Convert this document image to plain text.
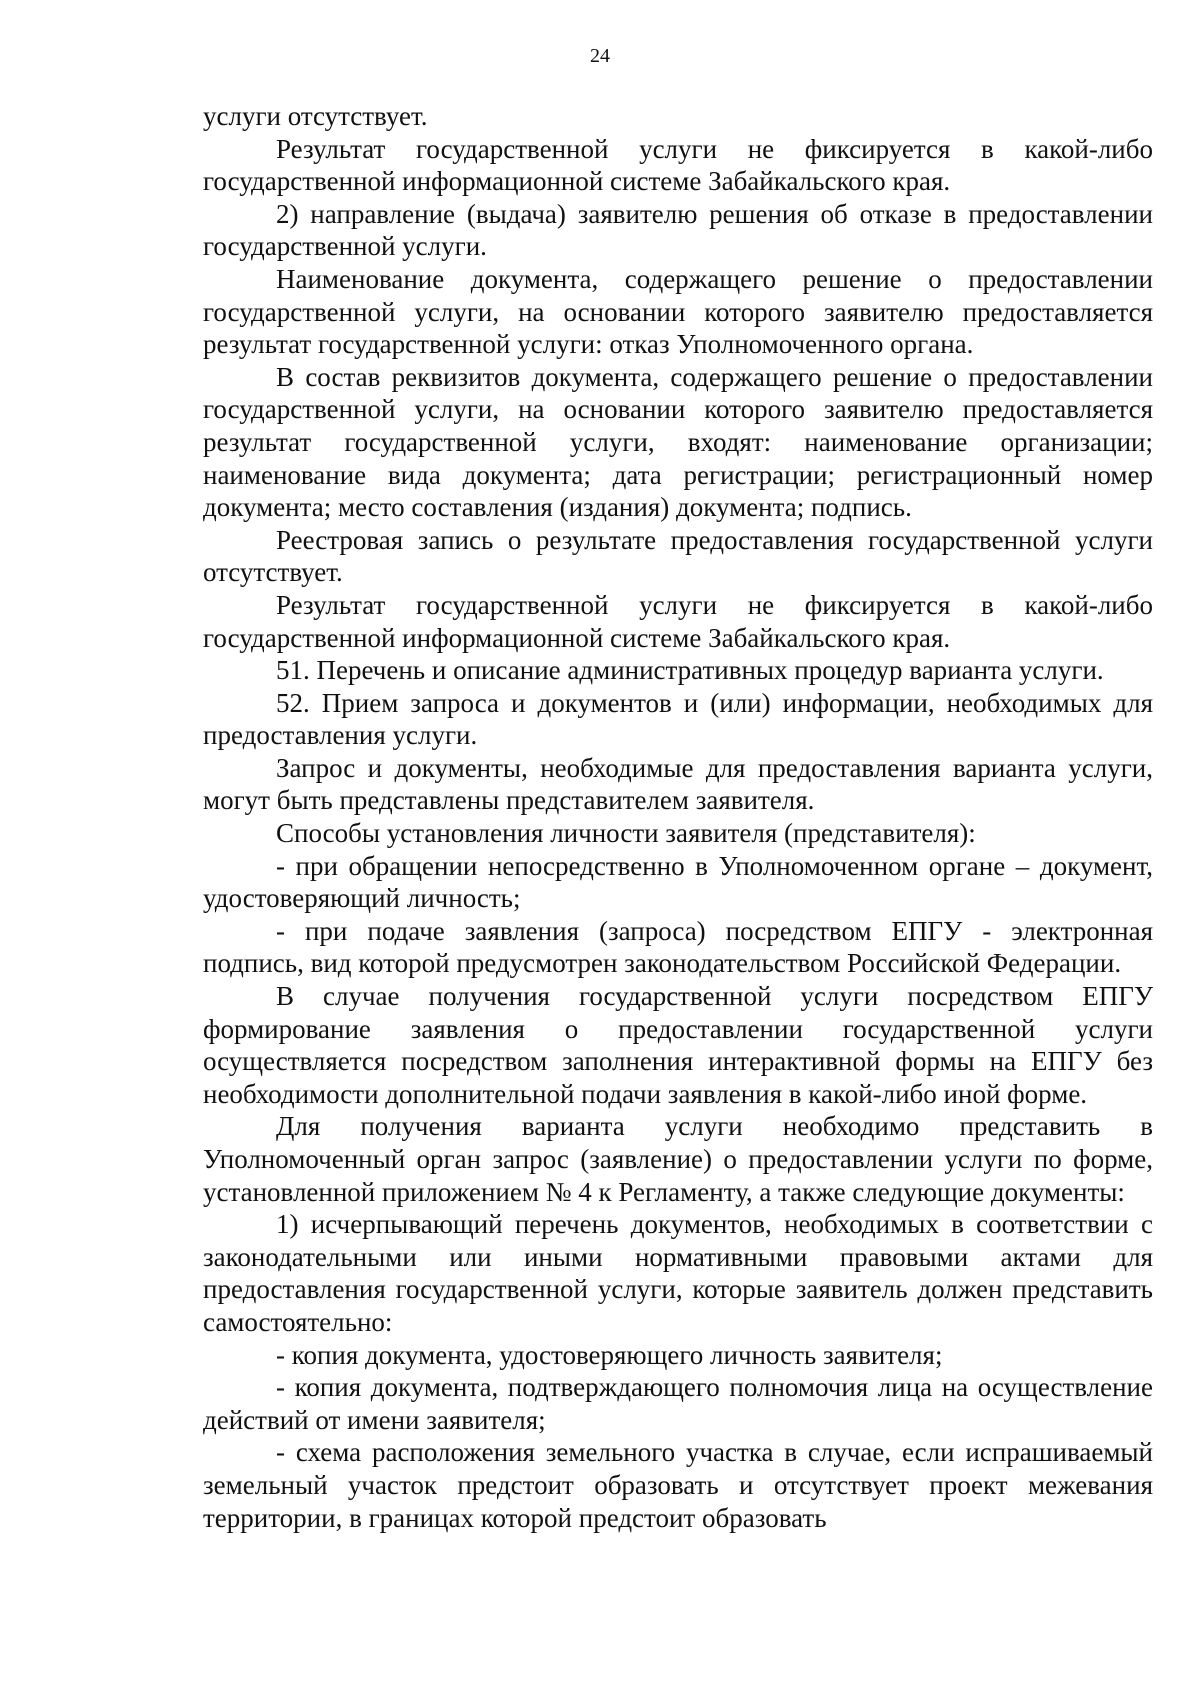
24

услуги отсутствует.

Результат государственной услуги не фиксируется в какой-либо государственной информационной системе Забайкальского края.

2) направление (выдача) заявителю решения об отказе в предоставлении государственной услуги.

Наименование документа, содержащего решение о предоставлении государственной услуги, на основании которого заявителю предоставляется результат государственной услуги: отказ Уполномоченного органа.

В состав реквизитов документа, содержащего решение о предоставлении государственной услуги, на основании которого заявителю предоставляется результат государственной услуги, входят: наименование организации; наименование вида документа; дата регистрации; регистрационный номер документа; место составления (издания) документа; подпись.

Реестровая запись о результате предоставления государственной услуги отсутствует.

Результат государственной услуги не фиксируется в какой-либо государственной информационной системе Забайкальского края.

51. Перечень и описание административных процедур варианта услуги.

52. Прием запроса и документов и (или) информации, необходимых для предоставления услуги.

Запрос и документы, необходимые для предоставления варианта услуги, могут быть представлены представителем заявителя.

Способы установления личности заявителя (представителя):

- при обращении непосредственно в Уполномоченном органе – документ, удостоверяющий личность;

- при подаче заявления (запроса) посредством ЕПГУ - электронная подпись, вид которой предусмотрен законодательством Российской Федерации.

В случае получения государственной услуги посредством ЕПГУ формирование заявления о предоставлении государственной услуги осуществляется посредством заполнения интерактивной формы на ЕПГУ без необходимости дополнительной подачи заявления в какой-либо иной форме.

Для получения варианта услуги необходимо представить в Уполномоченный орган запрос (заявление) о предоставлении услуги по форме, установленной приложением № 4 к Регламенту, а также следующие документы:

1) исчерпывающий перечень документов, необходимых в соответствии с законодательными или иными нормативными правовыми актами для предоставления государственной услуги, которые заявитель должен представить самостоятельно:

- копия документа, удостоверяющего личность заявителя;

- копия документа, подтверждающего полномочия лица на осуществление действий от имени заявителя;

- схема расположения земельного участка в случае, если испрашиваемый земельный участок предстоит образовать и отсутствует проект межевания территории, в границах которой предстоит образовать
